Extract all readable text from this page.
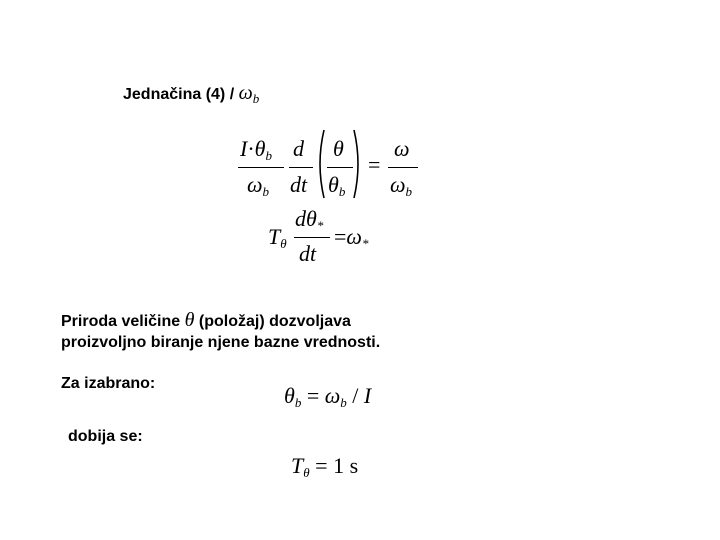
Jednačina $(4) / \omega_b$
$I\cdot\theta_b$
$\omega_b$
d
dt
θ
$\theta_b$
=
ω
$\omega_b$
$T_\theta$
$d\theta_*$
dt
$=\omega_*$
Priroda veličine θ (položaj) dozvoljava
proizvoljno biranje njene bazne vrednosti.
Za izabrano:	$\theta_b = \omega_b / I$
dobija se:
$T_\theta = 1$ s
